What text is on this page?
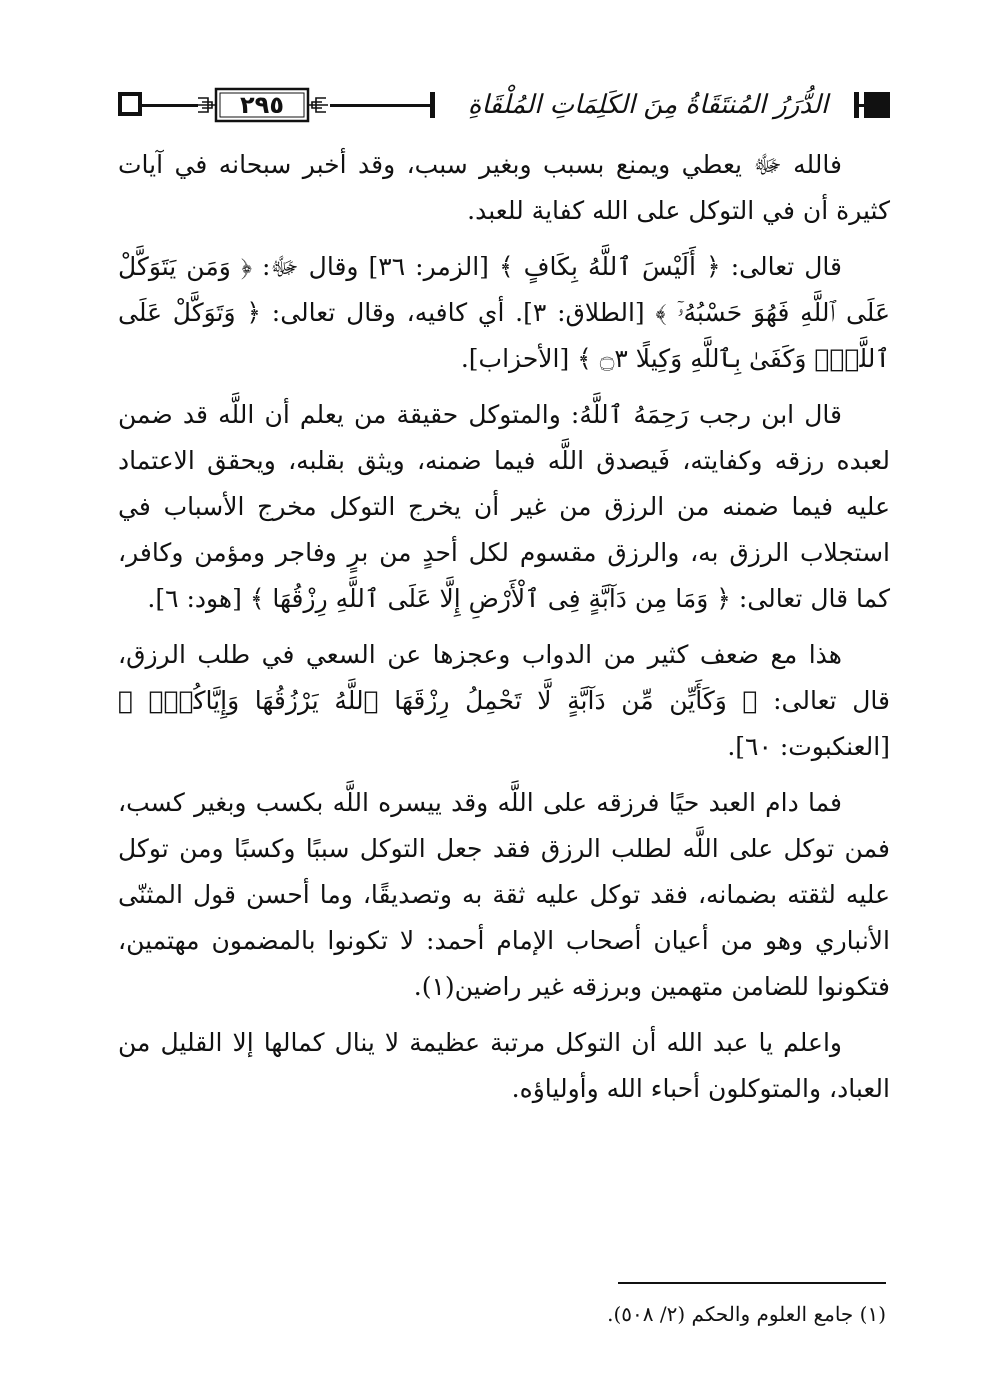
٢٩٥	الدُّرَرُ المُنتَقَاةُ مِنَ الكَلِمَاتِ المُلْقَاةِ

فالله ﷻ يعطي ويمنع بسبب وبغير سبب، وقد أخبر سبحانه في آيات كثيرة أن في التوكل على الله كفاية للعبد.

قال تعالى: ﴿ أَلَيْسَ ٱللَّهُ بِكَافٍ ﴾ [الزمر: ٣٦] وقال ﷻ: ﴿ وَمَن يَتَوَكَّلْ عَلَى ٱللَّهِ فَهُوَ حَسْبُهُۥٓ ﴾ [الطلاق: ٣]. أي كافيه، وقال تعالى: ﴿ وَتَوَكَّلْ عَلَى ٱللَّهِۚ وَكَفَىٰ بِٱللَّهِ وَكِيلًا ۝٣ ﴾ [الأحزاب].

قال ابن رجب رَحِمَهُ ٱللَّهُ: والمتوكل حقيقة من يعلم أن اللَّه قد ضمن لعبده رزقه وكفايته، فَيصدق اللَّه فيما ضمنه، ويثق بقلبه، ويحقق الاعتماد عليه فيما ضمنه من الرزق من غير أن يخرج التوكل مخرج الأسباب في استجلاب الرزق به، والرزق مقسوم لكل أحدٍ من برٍ وفاجر ومؤمن وكافر، كما قال تعالى: ﴿ وَمَا مِن دَآبَّةٍ فِى ٱلْأَرْضِ إِلَّا عَلَى ٱللَّهِ رِزْقُهَا ﴾ [هود: ٦].

هذا مع ضعف كثير من الدواب وعجزها عن السعي في طلب الرزق، قال تعالى: ﴿ وَكَأَيِّن مِّن دَآبَّةٍ لَّا تَحْمِلُ رِزْقَهَا ٱللَّهُ يَرْزُقُهَا وَإِيَّاكُمْۚ ﴾ [العنكبوت: ٦٠].

فما دام العبد حيًا فرزقه على اللَّه وقد ييسره اللَّه بكسب وبغير كسب، فمن توكل على اللَّه لطلب الرزق فقد جعل التوكل سببًا وكسبًا ومن توكل عليه لثقته بضمانه، فقد توكل عليه ثقة به وتصديقًا، وما أحسن قول المثنّى الأنباري وهو من أعيان أصحاب الإمام أحمد: لا تكونوا بالمضمون مهتمين، فتكونوا للضامن متهمين وبرزقه غير راضين(١).

واعلم يا عبد الله أن التوكل مرتبة عظيمة لا ينال كمالها إلا القليل من العباد، والمتوكلون أحباء الله وأولياؤه.

(١) جامع العلوم والحكم (٢/ ٥٠٨).
